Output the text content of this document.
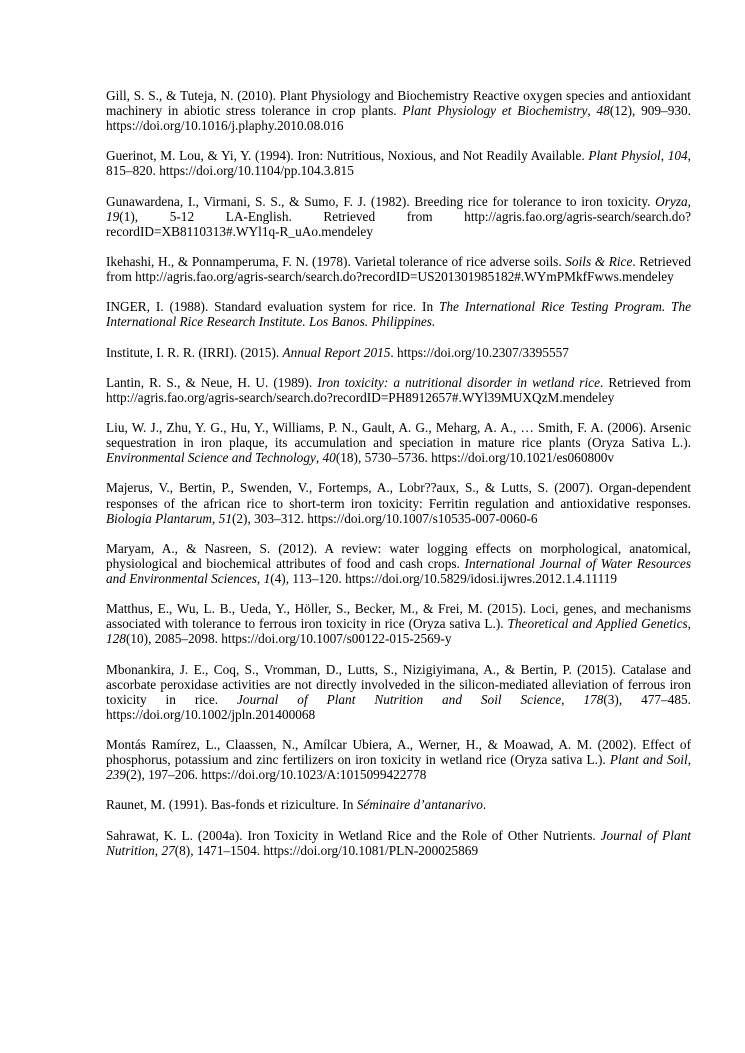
Gill, S. S., & Tuteja, N. (2010). Plant Physiology and Biochemistry Reactive oxygen species and antioxidant machinery in abiotic stress tolerance in crop plants. Plant Physiology et Biochemistry, 48(12), 909–930. https://doi.org/10.1016/j.plaphy.2010.08.016

Guerinot, M. Lou, & Yi, Y. (1994). Iron: Nutritious, Noxious, and Not Readily Available. Plant Physiol, 104, 815–820. https://doi.org/10.1104/pp.104.3.815

Gunawardena, I., Virmani, S. S., & Sumo, F. J. (1982). Breeding rice for tolerance to iron toxicity. Oryza, 19(1), 5-12 LA-English. Retrieved from http://agris.fao.org/agris-search/search.do?recordID=XB8110313#.WYl1q-R_uAo.mendeley

Ikehashi, H., & Ponnamperuma, F. N. (1978). Varietal tolerance of rice adverse soils. Soils & Rice. Retrieved from http://agris.fao.org/agris-search/search.do?recordID=US201301985182#.WYmPMkfFwws.mendeley

INGER, I. (1988). Standard evaluation system for rice. In The International Rice Testing Program. The International Rice Research Institute. Los Banos. Philippines.

Institute, I. R. R. (IRRI). (2015). Annual Report 2015. https://doi.org/10.2307/3395557

Lantin, R. S., & Neue, H. U. (1989). Iron toxicity: a nutritional disorder in wetland rice. Retrieved from http://agris.fao.org/agris-search/search.do?recordID=PH8912657#.WYl39MUXQzM.mendeley

Liu, W. J., Zhu, Y. G., Hu, Y., Williams, P. N., Gault, A. G., Meharg, A. A., … Smith, F. A. (2006). Arsenic sequestration in iron plaque, its accumulation and speciation in mature rice plants (Oryza Sativa L.). Environmental Science and Technology, 40(18), 5730–5736. https://doi.org/10.1021/es060800v

Majerus, V., Bertin, P., Swenden, V., Fortemps, A., Lobr??aux, S., & Lutts, S. (2007). Organ-dependent responses of the african rice to short-term iron toxicity: Ferritin regulation and antioxidative responses. Biologia Plantarum, 51(2), 303–312. https://doi.org/10.1007/s10535-007-0060-6

Maryam, A., & Nasreen, S. (2012). A review: water logging effects on morphological, anatomical, physiological and biochemical attributes of food and cash crops. International Journal of Water Resources and Environmental Sciences, 1(4), 113–120. https://doi.org/10.5829/idosi.ijwres.2012.1.4.11119

Matthus, E., Wu, L. B., Ueda, Y., Höller, S., Becker, M., & Frei, M. (2015). Loci, genes, and mechanisms associated with tolerance to ferrous iron toxicity in rice (Oryza sativa L.). Theoretical and Applied Genetics, 128(10), 2085–2098. https://doi.org/10.1007/s00122-015-2569-y

Mbonankira, J. E., Coq, S., Vromman, D., Lutts, S., Nizigiyimana, A., & Bertin, P. (2015). Catalase and ascorbate peroxidase activities are not directly involveded in the silicon-mediated alleviation of ferrous iron toxicity in rice. Journal of Plant Nutrition and Soil Science, 178(3), 477–485. https://doi.org/10.1002/jpln.201400068

Montás Ramírez, L., Claassen, N., Amílcar Ubiera, A., Werner, H., & Moawad, A. M. (2002). Effect of phosphorus, potassium and zinc fertilizers on iron toxicity in wetland rice (Oryza sativa L.). Plant and Soil, 239(2), 197–206. https://doi.org/10.1023/A:1015099422778

Raunet, M. (1991). Bas-fonds et riziculture. In Séminaire d’antanarivo.

Sahrawat, K. L. (2004a). Iron Toxicity in Wetland Rice and the Role of Other Nutrients. Journal of Plant Nutrition, 27(8), 1471–1504. https://doi.org/10.1081/PLN-200025869
